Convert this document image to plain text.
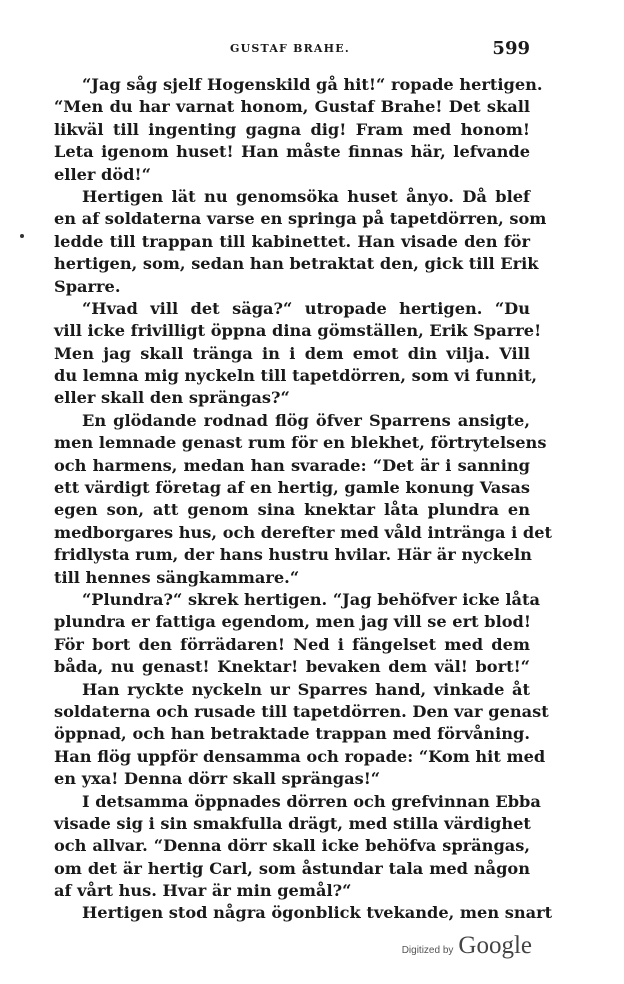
GUSTAF BRAHE.	599
“Jag såg sjelf Hogenskild gå hit!“ ropade hertigen.
“Men du har varnat honom, Gustaf Brahe! Det skall
likväl till ingenting gagna dig! Fram med honom!
Leta igenom huset! Han måste finnas här, lefvande
eller död!“
Hertigen lät nu genomsöka huset ånyo. Då blef
en af soldaterna varse en springa på tapetdörren, som
ledde till trappan till kabinettet. Han visade den för
hertigen, som, sedan han betraktat den, gick till Erik
Sparre.
“Hvad vill det säga?“ utropade hertigen. “Du
vill icke frivilligt öppna dina gömställen, Erik Sparre!
Men jag skall tränga in i dem emot din vilja. Vill
du lemna mig nyckeln till tapetdörren, som vi funnit,
eller skall den sprängas?“
En glödande rodnad flög öfver Sparrens ansigte,
men lemnade genast rum för en blekhet, förtrytelsens
och harmens, medan han svarade: “Det är i sanning
ett värdigt företag af en hertig, gamle konung Vasas
egen son, att genom sina knektar låta plundra en
medborgares hus, och derefter med våld intränga i det
fridlysta rum, der hans hustru hvilar. Här är nyckeln
till hennes sängkammare.“
“Plundra?“ skrek hertigen. “Jag behöfver icke låta
plundra er fattiga egendom, men jag vill se ert blod!
För bort den förrädaren! Ned i fängelset med dem
båda, nu genast! Knektar! bevaken dem väl! bort!“
Han ryckte nyckeln ur Sparres hand, vinkade åt
soldaterna och rusade till tapetdörren. Den var genast
öppnad, och han betraktade trappan med förvåning.
Han flög uppför densamma och ropade: “Kom hit med
en yxa! Denna dörr skall sprängas!“
I detsamma öppnades dörren och grefvinnan Ebba
visade sig i sin smakfulla drägt, med stilla värdighet
och allvar. “Denna dörr skall icke behöfva sprängas,
om det är hertig Carl, som åstundar tala med någon
af vårt hus. Hvar är min gemål?“
Hertigen stod några ögonblick tvekande, men snart
Digitized by Google
